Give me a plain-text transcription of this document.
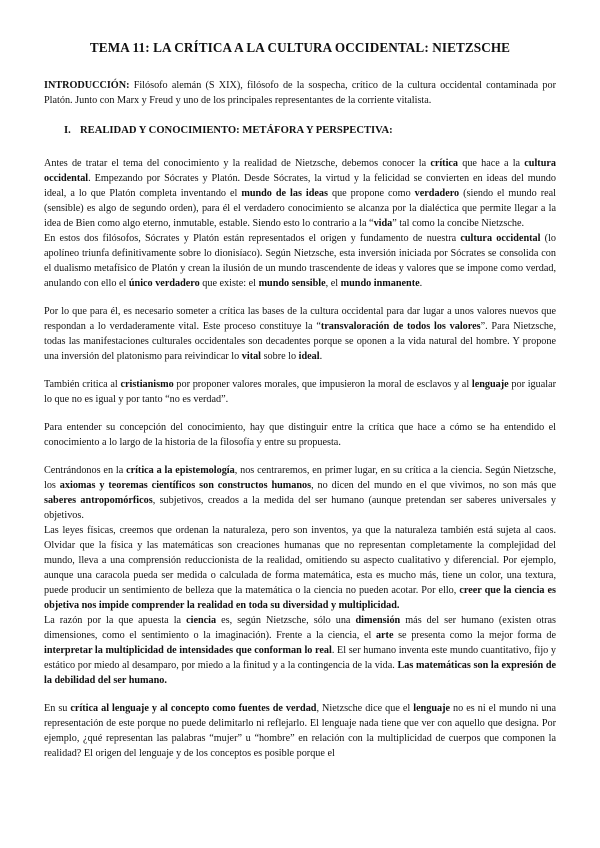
TEMA 11: LA CRÍTICA A LA CULTURA OCCIDENTAL: NIETZSCHE

INTRODUCCIÓN: Filósofo alemán (S XIX), filósofo de la sospecha, crítico de la cultura occidental contaminada por Platón. Junto con Marx y Freud y uno de los principales representantes de la corriente vitalista.

I. REALIDAD Y CONOCIMIENTO: METÁFORA Y PERSPECTIVA:

Antes de tratar el tema del conocimiento y la realidad de Nietzsche, debemos conocer la crítica que hace a la cultura occidental. Empezando por Sócrates y Platón. Desde Sócrates, la virtud y la felicidad se convierten en ideas del mundo ideal, a lo que Platón completa inventando el mundo de las ideas que propone como verdadero (siendo el mundo real (sensible) es algo de segundo orden), para él el verdadero conocimiento se alcanza por la dialéctica que permite llegar a la idea de Bien como algo eterno, inmutable, estable. Siendo esto lo contrario a la “vida” tal como la concibe Nietzsche.

En estos dos filósofos, Sócrates y Platón están representados el origen y fundamento de nuestra cultura occidental (lo apolíneo triunfa definitivamente sobre lo dionisíaco). Según Nietzsche, esta inversión iniciada por Sócrates se consolida con el dualismo metafísico de Platón y crean la ilusión de un mundo trascendente de ideas y valores que se impone como verdad, anulando con ello el único verdadero que existe: el mundo sensible, el mundo inmanente.

Por lo que para él, es necesario someter a crítica las bases de la cultura occidental para dar lugar a unos valores nuevos que respondan a lo verdaderamente vital. Este proceso constituye la “transvaloración de todos los valores”. Para Nietzsche, todas las manifestaciones culturales occidentales son decadentes porque se oponen a la vida natural del hombre. Y propone una inversión del platonismo para reivindicar lo vital sobre lo ideal.

También critica al cristianismo por proponer valores morales, que impusieron la moral de esclavos y al lenguaje por igualar lo que no es igual y por tanto “no es verdad”.

Para entender su concepción del conocimiento, hay que distinguir entre la crítica que hace a cómo se ha entendido el conocimiento a lo largo de la historia de la filosofía y entre su propuesta.

Centrándonos en la crítica a la epistemología, nos centraremos, en primer lugar, en su crítica a la ciencia. Según Nietzsche, los axiomas y teoremas científicos son constructos humanos, no dicen del mundo en el que vivimos, no son más que saberes antropomórficos, subjetivos, creados a la medida del ser humano (aunque pretendan ser saberes universales y objetivos.

Las leyes físicas, creemos que ordenan la naturaleza, pero son inventos, ya que la naturaleza también está sujeta al caos. Olvidar que la física y las matemáticas son creaciones humanas que no representan completamente la complejidad del mundo, lleva a una comprensión reduccionista de la realidad, omitiendo su aspecto cualitativo y diferencial. Por ejemplo, aunque una caracola pueda ser medida o calculada de forma matemática, esta es mucho más, tiene un color, una textura, puede producir un sentimiento de belleza que la matemática o la ciencia no pueden acotar. Por ello, creer que la ciencia es objetiva nos impide comprender la realidad en toda su diversidad y multiplicidad.

La razón por la que apuesta la ciencia es, según Nietzsche, sólo una dimensión más del ser humano (existen otras dimensiones, como el sentimiento o la imaginación). Frente a la ciencia, el arte se presenta como la mejor forma de interpretar la multiplicidad de intensidades que conforman lo real. El ser humano inventa este mundo cuantitativo, fijo y estático por miedo al desamparo, por miedo a la finitud y a la contingencia de la vida. Las matemáticas son la expresión de la debilidad del ser humano.

En su crítica al lenguaje y al concepto como fuentes de verdad, Nietzsche dice que el lenguaje no es ni el mundo ni una representación de este porque no puede delimitarlo ni reflejarlo. El lenguaje nada tiene que ver con aquello que designa. Por ejemplo, ¿qué representan las palabras “mujer” u “hombre” en relación con la multiplicidad de cuerpos que componen la realidad? El origen del lenguaje y de los conceptos es posible porque el
